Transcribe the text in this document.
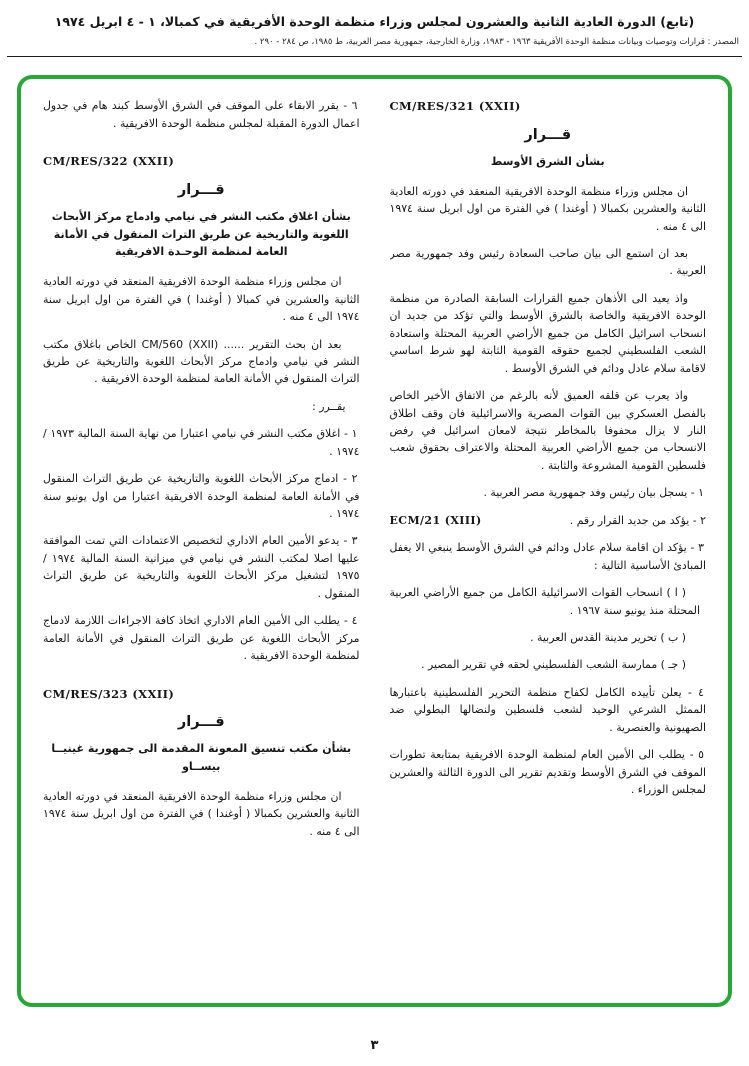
(تابع) الدورة العادية الثانية والعشرون لمجلس وزراء منظمة الوحدة الأفريقية في كمبالا، ١ - ٤ ابريل ١٩٧٤
المصدر : قرارات وتوصيات وبيانات منظمة الوحدة الأفريقية ١٩٦٣ - ١٩٨٣، وزارة الخارجية، جمهورية مصر العربية، ط ١٩٨٥، ص ٢٨٤ - ٢٩٠ .
CM/RES/321 (XXII)
قـــرار
بشأن الشرق الأوسط

ان مجلس وزراء منظمة الوحدة الافريقية المنعقد في دورته العادية الثانية والعشرين بكمبالا ( أوغندا ) في الفترة من اول ابريل سنة ١٩٧٤ الى ٤ منه .

بعد ان استمع الى بيان صاحب السعادة رئيس وفد جمهورية مصر العربية .

واذ يعيد الى الأذهان جميع القرارات السابقة الصادرة من منظمة الوحدة الافريقية والخاصة بالشرق الأوسط والتي تؤكد من جديد ان انسحاب اسرائيل الكامل من جميع الأراضي العربية المحتلة واستعادة الشعب الفلسطيني لجميع حقوقه القومية الثابتة لهو شرط اساسي لاقامة سلام عادل ودائم في الشرق الأوسط .

واذ يعرب عن قلقه العميق لأنه بالرغم من الاتفاق الأخير الخاص بالفصل العسكري بين القوات المصرية والاسرائيلية فان وقف اطلاق النار لا يزال محفوفا بالمخاطر نتيجة لامعان اسرائيل في رفض الانسحاب من جميع الأراضي العربية المحتلة والاعتراف بحقوق شعب فلسطين القومية المشروعة والثابتة .

١ - يسجل بيان رئيس وفد جمهورية مصر العربية .

٢ - يؤكد من جديد القرار رقم .
ECM/21 (XIII)

٣ - يؤكد ان اقامة سلام عادل ودائم في الشرق الأوسط ينبغي الا يغفل المبادئ الأساسية التالية :

( ا ) انسحاب القوات الاسرائيلية الكامل من جميع الأراضي العربية المحتلة منذ يونيو سنة ١٩٦٧ .

( ب ) تحرير مدينة القدس العربية .

( جـ ) ممارسة الشعب الفلسطيني لحقه في تقرير المصير .

٤ - يعلن تأييده الكامل لكفاح منظمة التحرير الفلسطينية باعتبارها الممثل الشرعي الوحيد لشعب فلسطين ولنضالها البطولي ضد الصهيونية والعنصرية .

٥ - يطلب الى الأمين العام لمنظمة الوحدة الافريقية بمتابعة تطورات الموقف في الشرق الأوسط وتقديم تقرير الى الدورة الثالثة والعشرين لمجلس الوزراء .

٦ - يقرر الابقاء على الموقف في الشرق الأوسط كبند هام في جدول اعمال الدورة المقبلة لمجلس منظمة الوحدة الافريقية .

CM/RES/322 (XXII)
قـــرار
بشأن اغلاق مكتب النشر في نيامي وادماج مركز الأبحاث اللغوية والتاريخية عن طريق التراث المنقول في الأمانة العامة لمنظمة الوحـدة الافريقية

ان مجلس وزراء منظمة الوحدة الافريقية المنعقد في دورته العادية الثانية والعشرين في كمبالا ( أوغندا ) في الفترة من اول ابريل سنة ١٩٧٤ الى ٤ منه .

بعد ان بحث التقرير ...... CM/560 (XXII) الخاص باغلاق مكتب النشر في نيامي وادماج مركز الأبحاث اللغوية والتاريخية عن طريق التراث المنقول في الأمانة العامة لمنظمة الوحدة الافريقية .

يقــرر :

١ - اغلاق مكتب النشر في نيامي اعتبارا من نهاية السنة المالية ١٩٧٣ / ١٩٧٤ .

٢ - ادماج مركز الأبحاث اللغوية والتاريخية عن طريق التراث المنقول في الأمانة العامة لمنظمة الوحدة الافريقية اعتبارا من اول يونيو سنة ١٩٧٤ .

٣ - يدعو الأمين العام الاداري لتخصيص الاعتمادات التي تمت الموافقة عليها اصلا لمكتب النشر في نيامي في ميزانية السنة المالية ١٩٧٤ / ١٩٧٥ لتشغيل مركز الأبحاث اللغوية والتاريخية عن طريق التراث المنقول .

٤ - يطلب الى الأمين العام الاداري اتخاذ كافة الاجراءات اللازمة لادماج مركز الأبحاث اللغوية عن طريق التراث المنقول في الأمانة العامة لمنظمة الوحدة الافريقية .

CM/RES/323 (XXII)
قـــرار
بشأن مكتب تنسيق المعونة المقدمة الى جمهورية غينيــا بيســاو

ان مجلس وزراء منظمة الوحدة الافريقية المنعقد في دورته العادية الثانية والعشرين بكمبالا ( أوغندا ) في الفترة من اول ابريل سنة ١٩٧٤ الى ٤ منه .

٣
